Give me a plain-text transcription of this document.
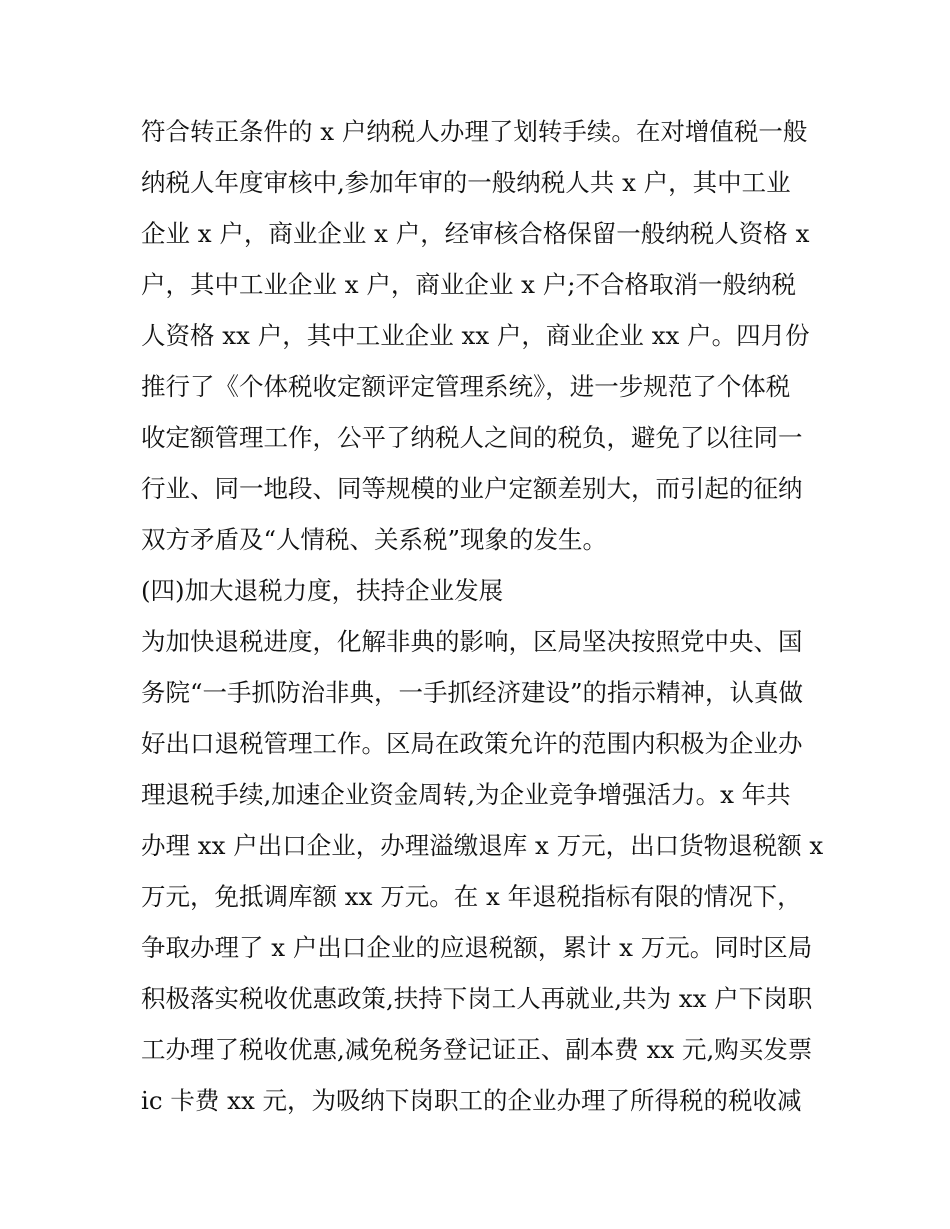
符合转正条件的 x 户纳税人办理了划转手续。在对增值税一般
纳税人年度审核中,参加年审的一般纳税人共 x 户，其中工业
企业 x 户，商业企业 x 户，经审核合格保留一般纳税人资格 x
户，其中工业企业 x 户，商业企业 x 户;不合格取消一般纳税
人资格 xx 户，其中工业企业 xx 户，商业企业 xx 户。四月份
推行了《个体税收定额评定管理系统》，进一步规范了个体税
收定额管理工作，公平了纳税人之间的税负，避免了以往同一
行业、同一地段、同等规模的业户定额差别大，而引起的征纳
双方矛盾及“人情税、关系税”现象的发生。
(四)加大退税力度，扶持企业发展
为加快退税进度，化解非典的影响，区局坚决按照党中央、国
务院“一手抓防治非典，一手抓经济建设”的指示精神，认真做
好出口退税管理工作。区局在政策允许的范围内积极为企业办
理退税手续,加速企业资金周转,为企业竞争增强活力。x 年共
办理 xx 户出口企业，办理溢缴退库 x 万元，出口货物退税额 x
万元，免抵调库额 xx 万元。在 x 年退税指标有限的情况下，
争取办理了 x 户出口企业的应退税额，累计 x 万元。同时区局
积极落实税收优惠政策,扶持下岗工人再就业,共为 xx 户下岗职
工办理了税收优惠,减免税务登记证正、副本费 xx 元,购买发票
ic 卡费 xx 元，为吸纳下岗职工的企业办理了所得税的税收减
